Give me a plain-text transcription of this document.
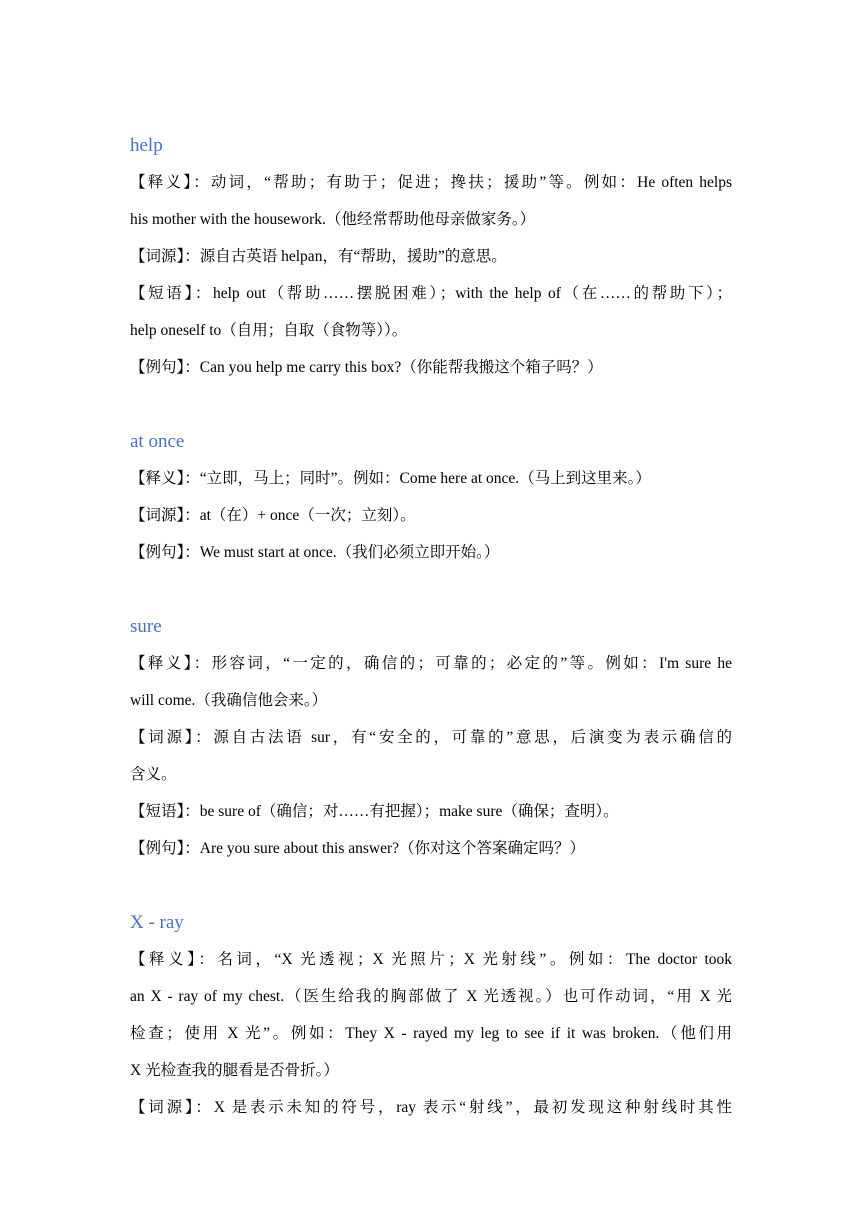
help
【释义】：动词，“帮助；有助于；促进；搀扶；援助”等。例如：He often helps
his mother with the housework.（他经常帮助他母亲做家务。）
【词源】：源自古英语 helpan，有“帮助，援助”的意思。
【短语】：help out（帮助……摆脱困难）；with the help of（在……的帮助下）；
help oneself to（自用；自取（食物等））。
【例句】：Can you help me carry this box?（你能帮我搬这个箱子吗？）
at once
【释义】：“立即，马上；同时”。例如：Come here at once.（马上到这里来。）
【词源】：at（在）+ once（一次；立刻）。
【例句】：We must start at once.（我们必须立即开始。）
sure
【释义】：形容词，“一定的，确信的；可靠的；必定的”等。例如：I'm sure he
will come.（我确信他会来。）
【词源】：源自古法语 sur，有“安全的，可靠的”意思，后演变为表示确信的
含义。
【短语】：be sure of（确信；对……有把握）；make sure（确保；查明）。
【例句】：Are you sure about this answer?（你对这个答案确定吗？）
X - ray
【释义】：名词，“X 光透视；X 光照片；X 光射线”。例如：The doctor took
an X - ray of my chest.（医生给我的胸部做了 X 光透视。）也可作动词，“用 X 光
检查；使用 X 光”。例如：They X - rayed my leg to see if it was broken.（他们用
X 光检查我的腿看是否骨折。）
【词源】：X 是表示未知的符号，ray 表示“射线”，最初发现这种射线时其性
